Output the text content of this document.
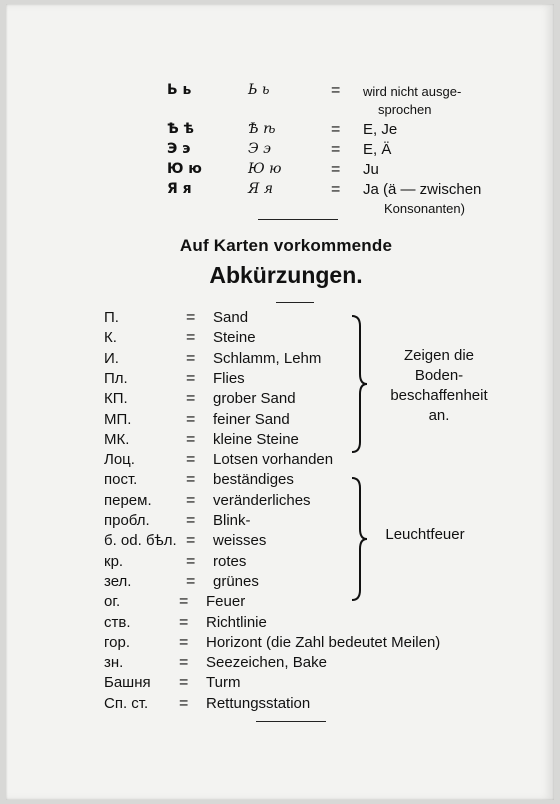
Ь ь	Ь ь	= wird nicht ausge-
sprochen
Ѣ ѣ	Ѣ ѣ	= E, Je
Э э	Э э	= E, Ä
Ю ю	Ю ю	= Ju
Я я	Я я	= Ja (ä — zwischen
Konsonanten)
Auf Karten vorkommende
Abkürzungen.
П.	= Sand
К.	= Steine
И.	= Schlamm, Lehm
Пл.	= Flies
КП.	= grober Sand
МП.	= feiner Sand
МК.	= kleine Steine
Лоц.	= Lotsen vorhanden
пост.	= beständiges
перем. = veränderliches
пробл. = Blink-
б. od. бѣл. = weisses
кр.	= rotes
зел.	= grünes
ог.	= Feuer
ств.	= Richtlinie
гор.	= Horizont (die Zahl bedeutet Meilen)
зн.	= Seezeichen, Bake
Башня = Turm
Сп. ст. = Rettungsstation
Zeigen die
Boden-
beschaffenheit
an.
Leuchtfeuer
